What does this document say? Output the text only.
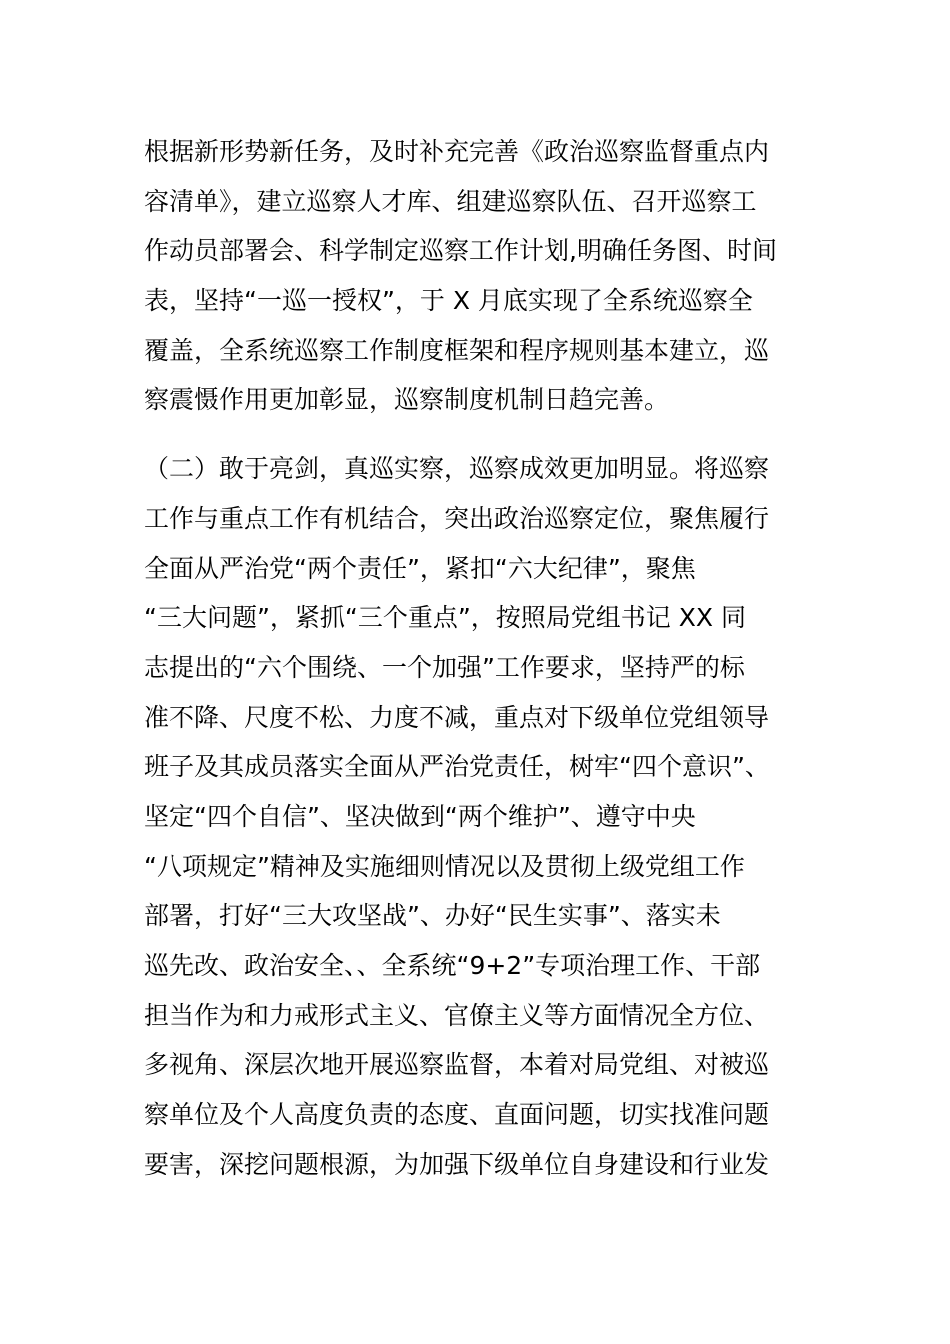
根据新形势新任务，及时补充完善《政治巡察监督重点内
容清单》，建立巡察人才库、组建巡察队伍、召开巡察工
作动员部署会、科学制定巡察工作计划,明确任务图、时间
表，坚持“一巡一授权”，于 X 月底实现了全系统巡察全
覆盖，全系统巡察工作制度框架和程序规则基本建立，巡
察震慑作用更加彰显，巡察制度机制日趋完善。
（二）敢于亮剑，真巡实察，巡察成效更加明显。将巡察
工作与重点工作有机结合，突出政治巡察定位，聚焦履行
全面从严治党“两个责任”，紧扣“六大纪律”，聚焦
“三大问题”，紧抓“三个重点”，按照局党组书记 XX 同
志提出的“六个围绕、一个加强”工作要求，坚持严的标
准不降、尺度不松、力度不减，重点对下级单位党组领导
班子及其成员落实全面从严治党责任，树牢“四个意识”、
坚定“四个自信”、坚决做到“两个维护”、遵守中央
“八项规定”精神及实施细则情况以及贯彻上级党组工作
部署，打好“三大攻坚战”、办好“民生实事”、落实未
巡先改、政治安全、、全系统“9+2”专项治理工作、干部
担当作为和力戒形式主义、官僚主义等方面情况全方位、
多视角、深层次地开展巡察监督，本着对局党组、对被巡
察单位及个人高度负责的态度、直面问题，切实找准问题
要害，深挖问题根源，为加强下级单位自身建设和行业发
